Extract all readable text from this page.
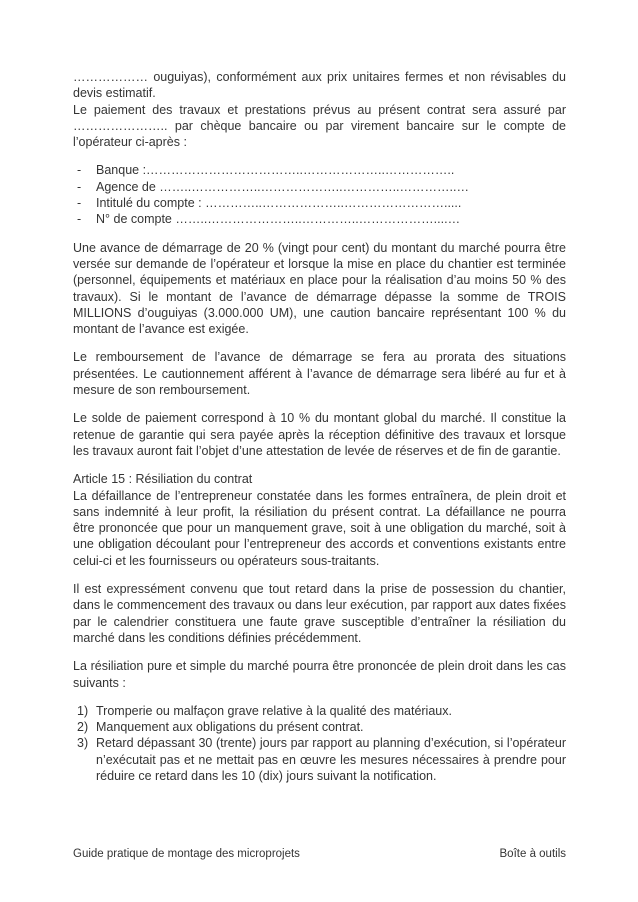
……………… ouguiyas), conformément aux prix unitaires fermes et non révisables du devis estimatif.

Le paiement des travaux et prestations prévus au présent contrat sera assuré par ………………….. par chèque bancaire ou par virement bancaire sur le compte de l’opérateur ci-après :

-	Banque :………………………………..………………..……………..
-	Agence de ……..……………..………………..…………..…………..…
-	Intitulé du compte : …………..………………..…………………….....
-	N° de compte ……..…………………..…………..………………....…

Une avance de démarrage de 20 % (vingt pour cent) du montant du marché pourra être versée sur demande de l’opérateur et lorsque la mise en place du chantier est terminée (personnel, équipements et matériaux en place pour la réalisation d’au moins 50 % des travaux). Si le montant de l’avance de démarrage dépasse la somme de TROIS MILLIONS d’ouguiyas (3.000.000 UM), une caution bancaire représentant 100 % du montant de l’avance est exigée.

Le remboursement de l’avance de démarrage se fera au prorata des situations présentées. Le cautionnement afférent à l’avance de démarrage sera libéré au fur et à mesure de son remboursement.

Le solde de paiement correspond à 10 % du montant global du marché. Il constitue la retenue de garantie qui sera payée après la réception définitive des travaux et lorsque les travaux auront fait l’objet d’une attestation de levée de réserves et de fin de garantie.

Article 15 : Résiliation du contrat

La défaillance de l’entrepreneur constatée dans les formes entraînera, de plein droit et sans indemnité à leur profit, la résiliation du présent contrat. La défaillance ne pourra être prononcée que pour un manquement grave, soit à une obligation du marché, soit à une obligation découlant pour l’entrepreneur des accords et conventions existants entre celui-ci et les fournisseurs ou opérateurs sous-traitants.

Il est expressément convenu que tout retard dans la prise de possession du chantier, dans le commencement des travaux ou dans leur exécution, par rapport aux dates fixées par le calendrier constituera une faute grave susceptible d’entraîner la résiliation du marché dans les conditions définies précédemment.

La résiliation pure et simple du marché pourra être prononcée de plein droit dans les cas suivants :

1) Tromperie ou malfaçon grave relative à la qualité des matériaux.
2) Manquement aux obligations du présent contrat.
3) Retard dépassant 30 (trente) jours par rapport au planning d’exécution, si l’opérateur n’exécutait pas et ne mettait pas en œuvre les mesures nécessaires à prendre pour réduire ce retard dans les 10 (dix) jours suivant la notification.
Guide pratique de montage des microprojets	Boîte à outils
